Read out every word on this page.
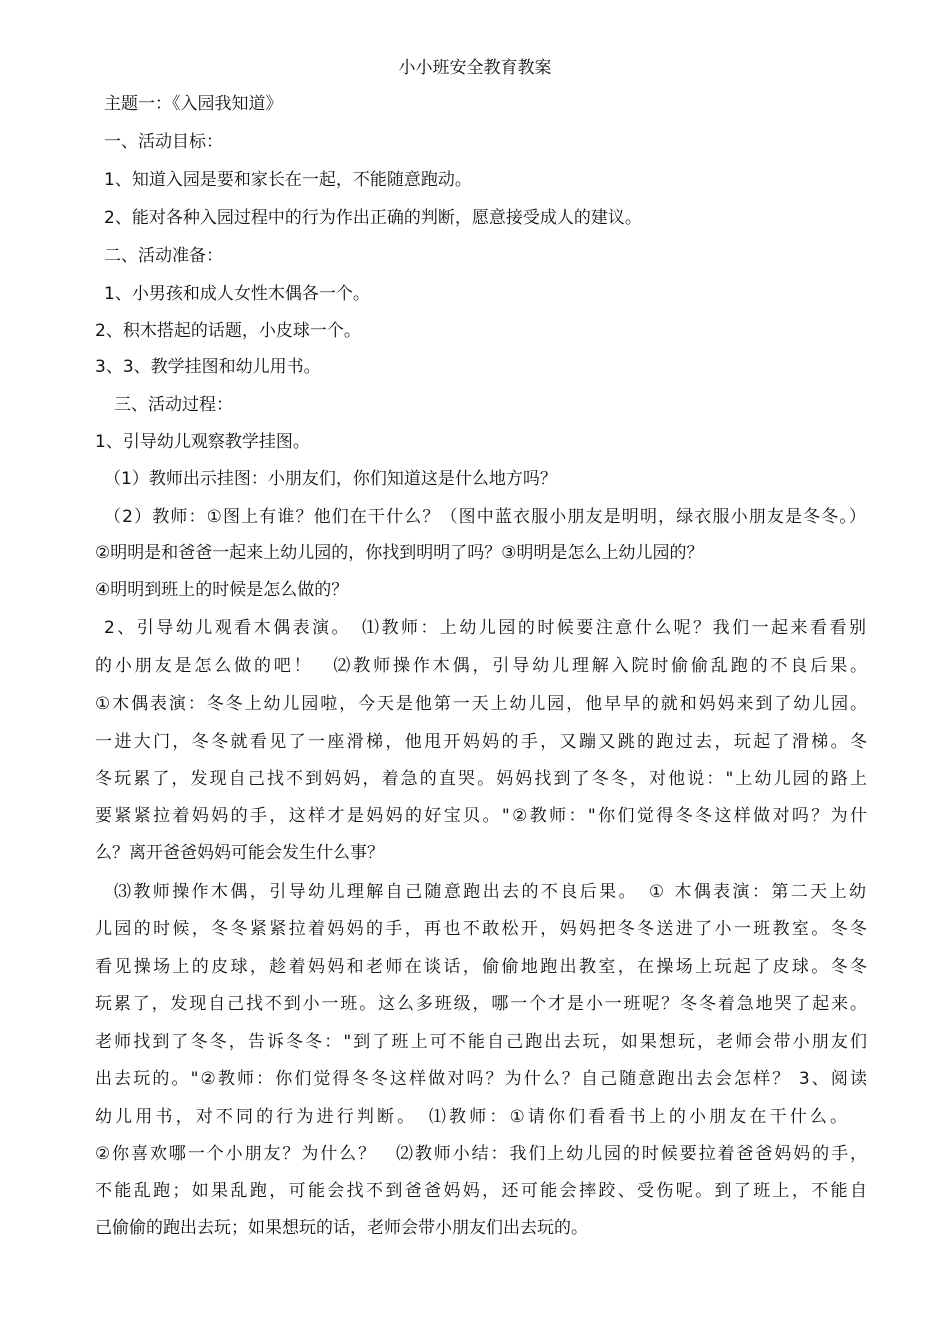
小小班安全教育教案
主题一：《入园我知道》
一、活动目标：
1、知道入园是要和家长在一起，不能随意跑动。
2、能对各种入园过程中的行为作出正确的判断，愿意接受成人的建议。
二、活动准备：
1、小男孩和成人女性木偶各一个。
2、积木搭起的话题，小皮球一个。
3、3、教学挂图和幼儿用书。
三、活动过程：
1、引导幼儿观察教学挂图。
（1）教师出示挂图：小朋友们，你们知道这是什么地方吗？
（2）教师：①图上有谁？他们在干什么？（图中蓝衣服小朋友是明明，绿衣服小朋友是冬冬。）
②明明是和爸爸一起来上幼儿园的，你找到明明了吗？③明明是怎么上幼儿园的？
④明明到班上的时候是怎么做的？
2、引导幼儿观看木偶表演。　⑴教师：上幼儿园的时候要注意什么呢？我们一起来看看别
的小朋友是怎么做的吧！　⑵教师操作木偶，引导幼儿理解入院时偷偷乱跑的不良后果。
①木偶表演：冬冬上幼儿园啦，今天是他第一天上幼儿园，他早早的就和妈妈来到了幼儿园。
一进大门，冬冬就看见了一座滑梯，他甩开妈妈的手，又蹦又跳的跑过去，玩起了滑梯。冬
冬玩累了，发现自己找不到妈妈，着急的直哭。妈妈找到了冬冬，对他说："上幼儿园的路上
要紧紧拉着妈妈的手，这样才是妈妈的好宝贝。"②教师："你们觉得冬冬这样做对吗？为什
么？离开爸爸妈妈可能会发生什么事？
⑶教师操作木偶，引导幼儿理解自己随意跑出去的不良后果。　① 木偶表演：第二天上幼
儿园的时候，冬冬紧紧拉着妈妈的手，再也不敢松开，妈妈把冬冬送进了小一班教室。冬冬
看见操场上的皮球，趁着妈妈和老师在谈话，偷偷地跑出教室，在操场上玩起了皮球。冬冬
玩累了，发现自己找不到小一班。这么多班级，哪一个才是小一班呢？冬冬着急地哭了起来。
老师找到了冬冬，告诉冬冬："到了班上可不能自己跑出去玩，如果想玩，老师会带小朋友们
出去玩的。"②教师：你们觉得冬冬这样做对吗？为什么？自己随意跑出去会怎样？ 3、阅读
幼儿用书，对不同的行为进行判断。　⑴教师：①请你们看看书上的小朋友在干什么。
②你喜欢哪一个小朋友？为什么？　⑵教师小结：我们上幼儿园的时候要拉着爸爸妈妈的手，
不能乱跑；如果乱跑，可能会找不到爸爸妈妈，还可能会摔跤、受伤呢。到了班上，不能自
己偷偷的跑出去玩；如果想玩的话，老师会带小朋友们出去玩的。
